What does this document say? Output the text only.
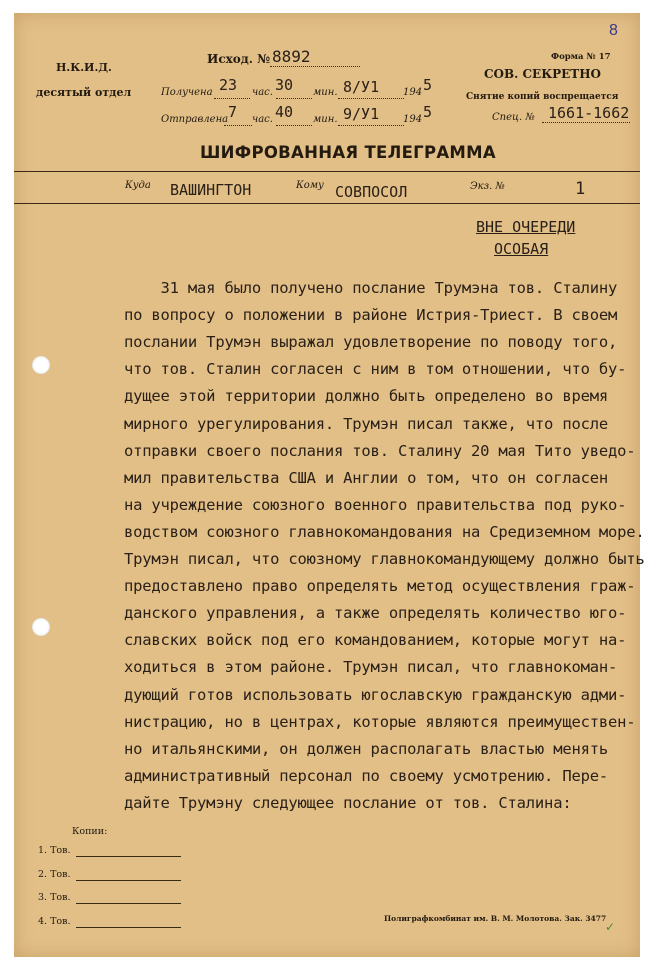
8
Н.К.И.Д.
десятый отдел
Исход. № 8892	Форма № 17
Получена 23 час. 30 мин. 8/У1 194 5
Отправлена 7 час. 40 мин. 9/У1 194 5
СОВ. СЕКРЕТНО
Снятие копий воспрещается
Спец. № 1661-1662
ШИФРОВАННАЯ ТЕЛЕГРАММА
Куда ВАШИНГТОН	Кому СОВПОСОЛ	Экз. №	1
ВНЕ ОЧЕРЕДИ
ОСОБАЯ
31 мая было получено послание Трумэна тов. Сталину
по вопросу о положении в районе Истрия-Триест. В своем
послании Трумэн выражал удовлетворение по поводу того,
что тов. Сталин согласен с ним в том отношении, что бу-
дущее этой территории должно быть определено во время
мирного урегулирования. Трумэн писал также, что после
отправки своего послания тов. Сталину 20 мая Тито уведо-
мил правительства США и Англии о том, что он согласен
на учреждение союзного военного правительства под руко-
водством союзного главнокомандования на Средиземном море.
Трумэн писал, что союзному главнокомандующему должно быть
предоставлено право определять метод осуществления граж-
данского управления, а также определять количество юго-
славских войск под его командованием, которые могут на-
ходиться в этом районе. Трумэн писал, что главнокоман-
дующий готов использовать югославскую гражданскую адми-
нистрацию, но в центрах, которые являются преимуществен-
но итальянскими, он должен располагать властью менять
административный персонал по своему усмотрению. Пере-
дайте Трумэну следующее послание от тов. Сталина:
Копии:
1. Тов.
2. Тов.
3. Тов.
4. Тов.	Полиграфкомбинат им. В. М. Молотова. Зак. 3477
✓
